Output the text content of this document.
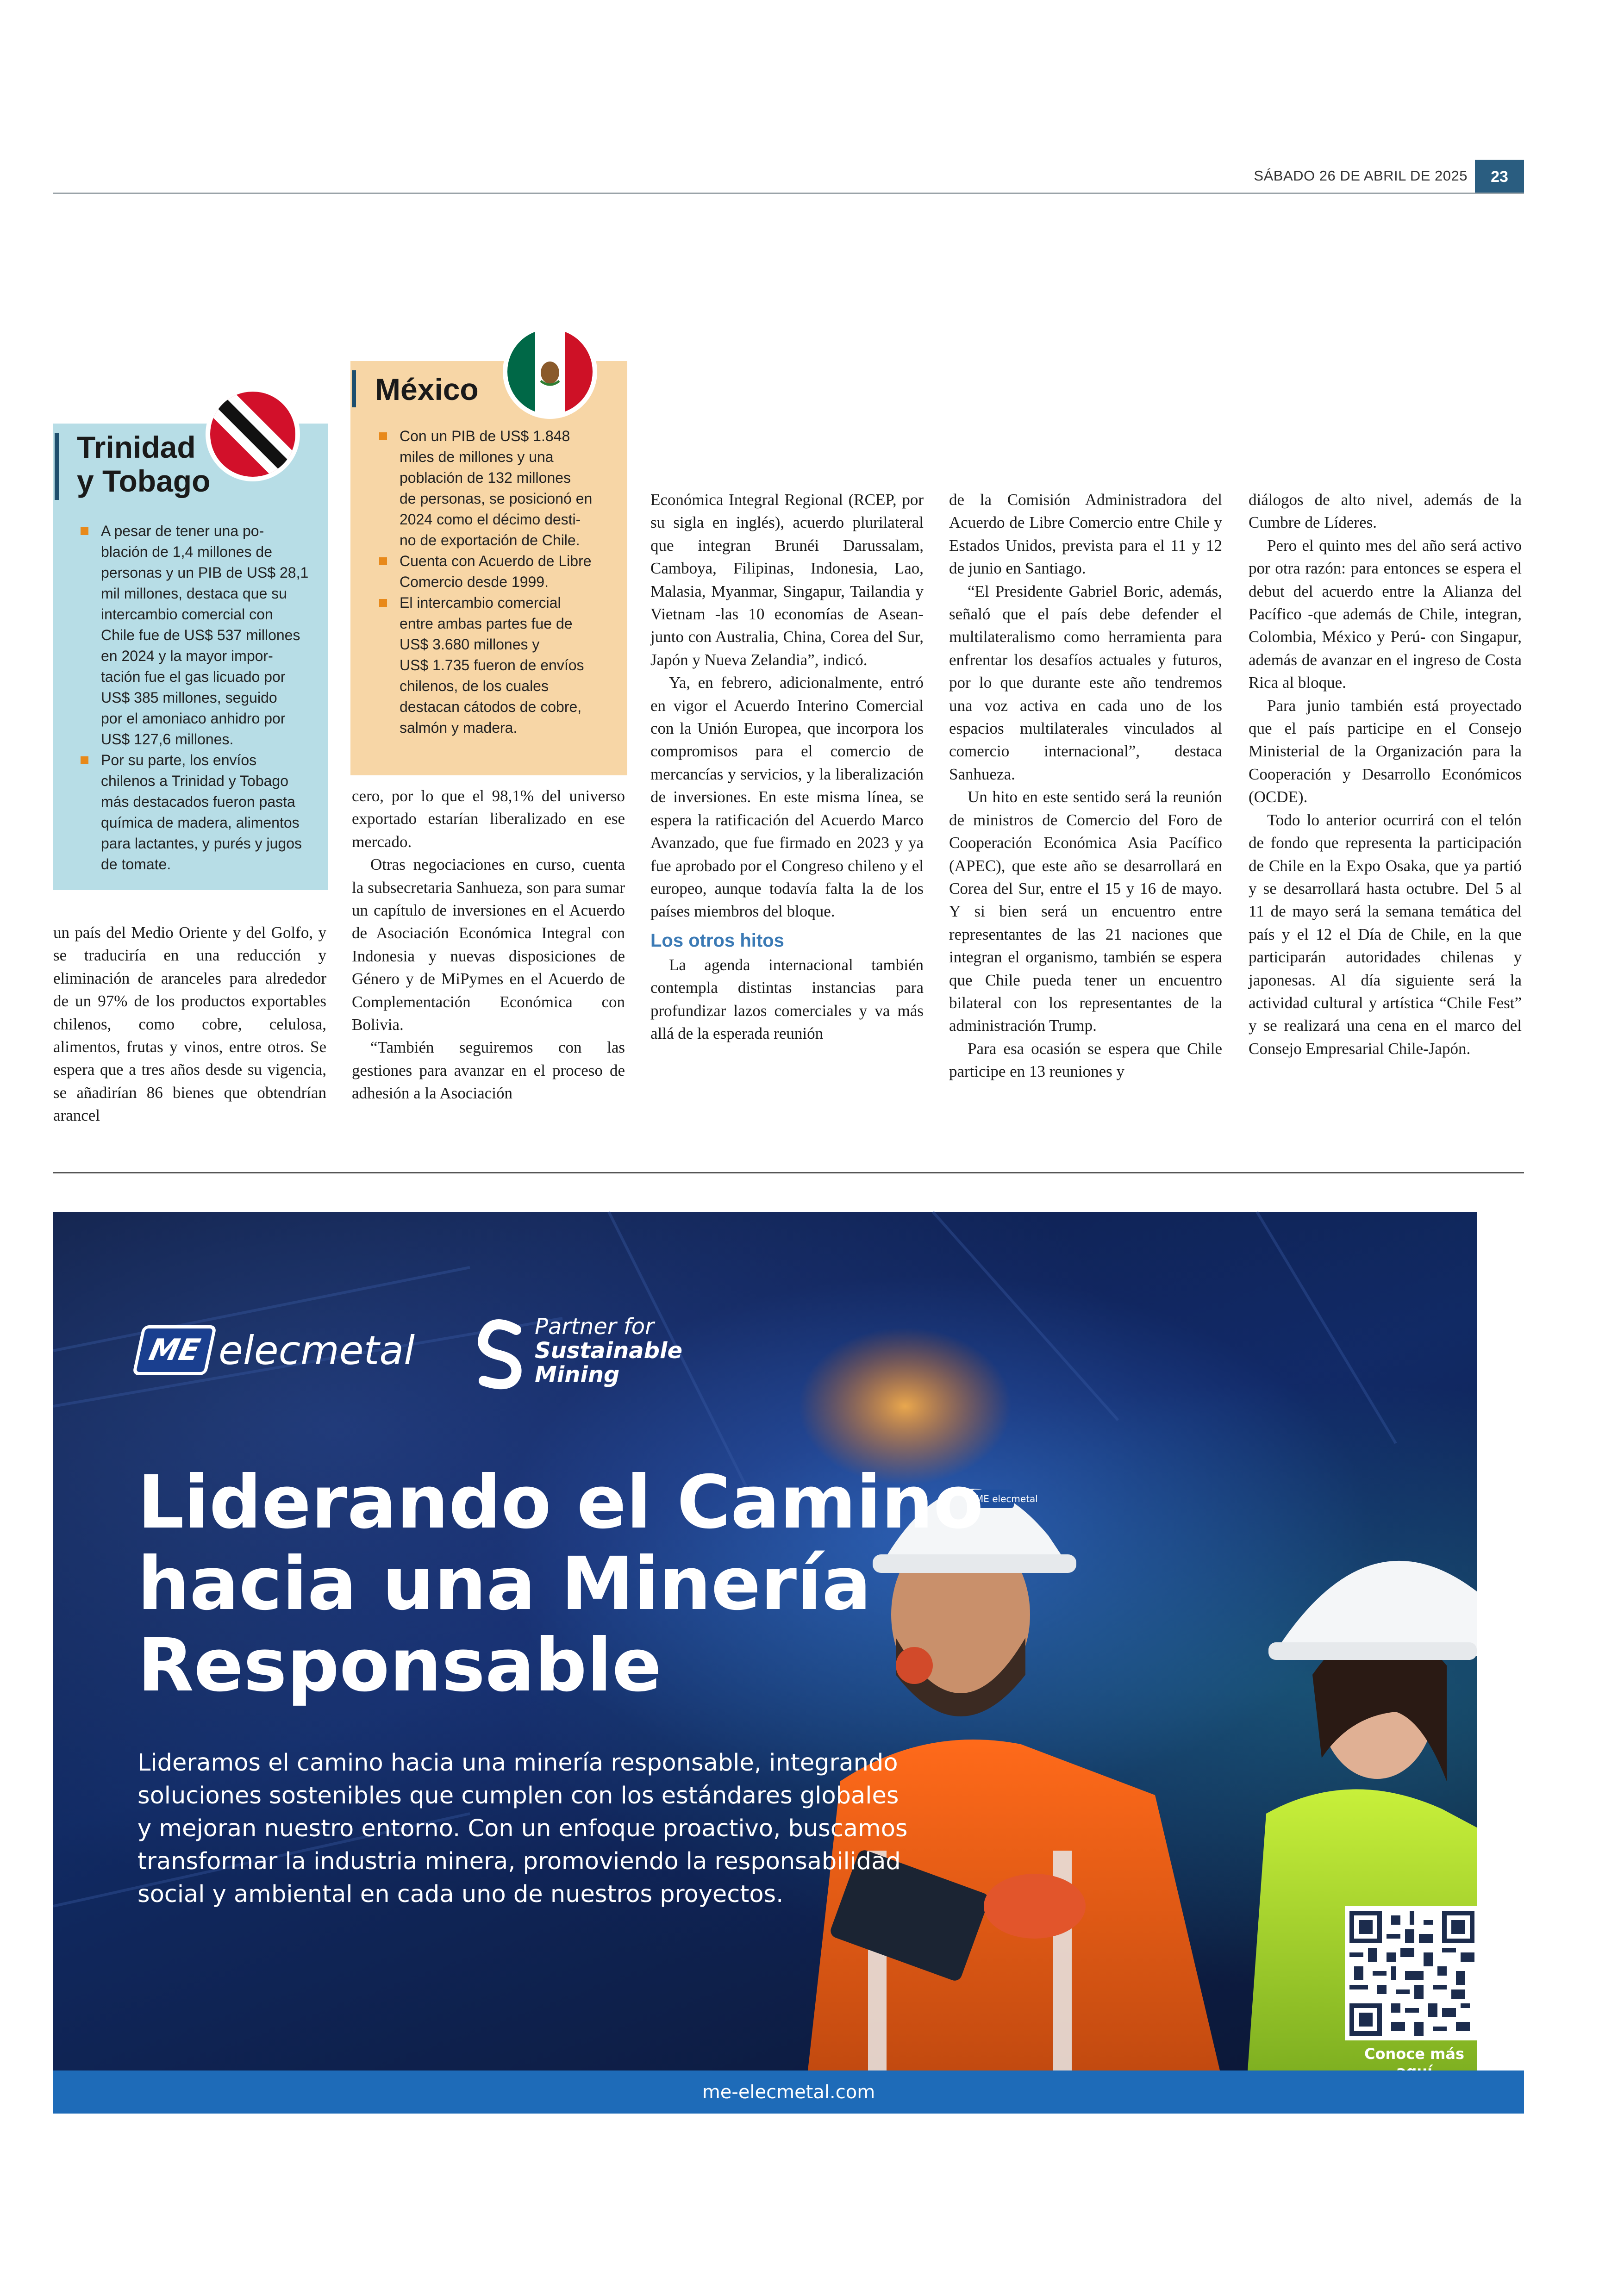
SÁBADO 26 DE ABRIL DE 2025	23
Trinidad
y Tobago
A pesar de tener una po-
blación de 1,4 millones de
personas y un PIB de US$ 28,1
mil millones, destaca que su
intercambio comercial con
Chile fue de US$ 537 millones
en 2024 y la mayor impor-
tación fue el gas licuado por
US$ 385 millones, seguido
por el amoniaco anhidro por
US$ 127,6 millones.
Por su parte, los envíos
chilenos a Trinidad y Tobago
más destacados fueron pasta
química de madera, alimentos
para lactantes, y purés y jugos
de tomate.
México
Con un PIB de US$ 1.848
miles de millones y una
población de 132 millones
de personas, se posicionó en
2024 como el décimo desti-
no de exportación de Chile.
Cuenta con Acuerdo de Libre
Comercio desde 1999.
El intercambio comercial
entre ambas partes fue de
US$ 3.680 millones y
US$ 1.735 fueron de envíos
chilenos, de los cuales
destacan cátodos de cobre,
salmón y madera.

un país del Medio Oriente y del Golfo, y se traduciría en una reducción y eliminación de aranceles para alrededor de un 97% de los productos exportables chilenos, como cobre, celulosa, alimentos, frutas y vinos, entre otros. Se espera que a tres años desde su vigencia, se añadirían 86 bienes que obtendrían arancel

cero, por lo que el 98,1% del universo exportado estarían liberalizado en ese mercado.

Otras negociaciones en curso, cuenta la subsecretaria Sanhueza, son para sumar un capítulo de inversiones en el Acuerdo de Asociación Económica Integral con Indonesia y nuevas disposiciones de Género y de MiPymes en el Acuerdo de Complementación Económica con Bolivia.

“También seguiremos con las gestiones para avanzar en el proceso de adhesión a la Asociación

Económica Integral Regional (RCEP, por su sigla en inglés), acuerdo plurilateral que integran Brunéi Darussalam, Camboya, Filipinas, Indonesia, Lao, Malasia, Myanmar, Singapur, Tailandia y Vietnam -las 10 economías de Asean- junto con Australia, China, Corea del Sur, Japón y Nueva Zelandia”, indicó.

Ya, en febrero, adicionalmente, entró en vigor el Acuerdo Interino Comercial con la Unión Europea, que incorpora los compromisos para el comercio de mercancías y servicios, y la liberalización de inversiones. En este misma línea, se espera la ratificación del Acuerdo Marco Avanzado, que fue firmado en 2023 y ya fue aprobado por el Congreso chileno y el europeo, aunque todavía falta la de los países miembros del bloque.

Los otros hitos

La agenda internacional también contempla distintas instancias para profundizar lazos comerciales y va más allá de la esperada reunión

de la Comisión Administradora del Acuerdo de Libre Comercio entre Chile y Estados Unidos, prevista para el 11 y 12 de junio en Santiago.

“El Presidente Gabriel Boric, además, señaló que el país debe defender el multilateralismo como herramienta para enfrentar los desafíos actuales y futuros, por lo que durante este año tendremos una voz activa en cada uno de los espacios multilaterales vinculados al comercio internacional”, destaca Sanhueza.

Un hito en este sentido será la reunión de ministros de Comercio del Foro de Cooperación Económica Asia Pacífico (APEC), que este año se desarrollará en Corea del Sur, entre el 15 y 16 de mayo. Y si bien será un encuentro entre representantes de las 21 naciones que integran el organismo, también se espera que Chile pueda tener un encuentro bilateral con los representantes de la administración Trump.

Para esa ocasión se espera que Chile participe en 13 reuniones y

diálogos de alto nivel, además de la Cumbre de Líderes.

Pero el quinto mes del año será activo por otra razón: para entonces se espera el debut del acuerdo entre la Alianza del Pacífico -que además de Chile, integran, Colombia, México y Perú- con Singapur, además de avanzar en el ingreso de Costa Rica al bloque.

Para junio también está proyectado que el país participe en el Consejo Ministerial de la Organización para la Cooperación y Desarrollo Económicos (OCDE).

Todo lo anterior ocurrirá con el telón de fondo que representa la participación de Chile en la Expo Osaka, que ya partió y se desarrollará hasta octubre. Del 5 al 11 de mayo será la semana temática del país y el 12 el Día de Chile, en la que participarán autoridades chilenas y japonesas. Al día siguiente será la actividad cultural y artística “Chile Fest” y se realizará una cena en el marco del Consejo Empresarial Chile-Japón.

ME elecmetal
ME elecmetal
Partner for
Sustainable
Mining
Liderando el Camino
hacia una Minería
Responsable
Lideramos el camino hacia una minería responsable, integrando
soluciones sostenibles que cumplen con los estándares globales
y mejoran nuestro entorno. Con un enfoque proactivo, buscamos
transformar la industria minera, promoviendo la responsabilidad
social y ambiental en cada uno de nuestros proyectos.
Conoce más
me-elecmetal.com
